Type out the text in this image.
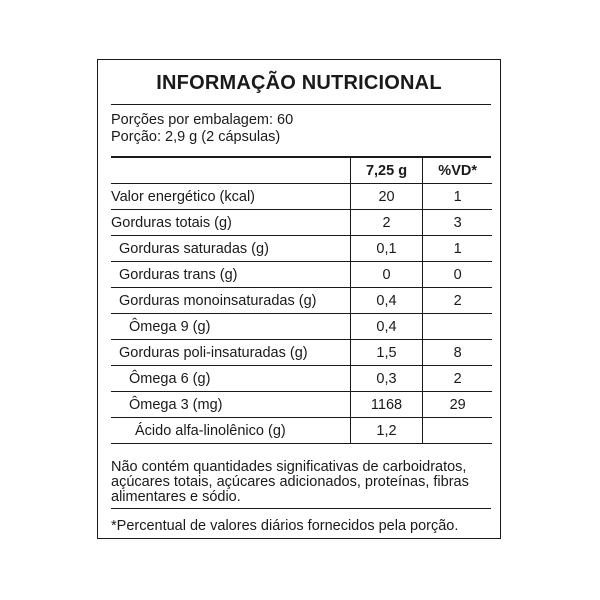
INFORMAÇÃO NUTRICIONAL
Porções por embalagem: 60
Porção: 2,9 g (2 cápsulas)
	7,25 g	%VD*
Valor energético (kcal)	20	1
Gorduras totais (g)	2	3
Gorduras saturadas (g)	0,1	1
Gorduras trans (g)	0	0
Gorduras monoinsaturadas (g)	0,4	2
Ômega 9 (g)	0,4	
Gorduras poli-insaturadas (g)	1,5	8
Ômega 6 (g)	0,3	2
Ômega 3 (mg)	1168	29
Ácido alfa-linolênico (g)	1,2	
Não contém quantidades significativas de carboidratos, açúcares totais, açúcares adicionados, proteínas, fibras alimentares e sódio.
*Percentual de valores diários fornecidos pela porção.
